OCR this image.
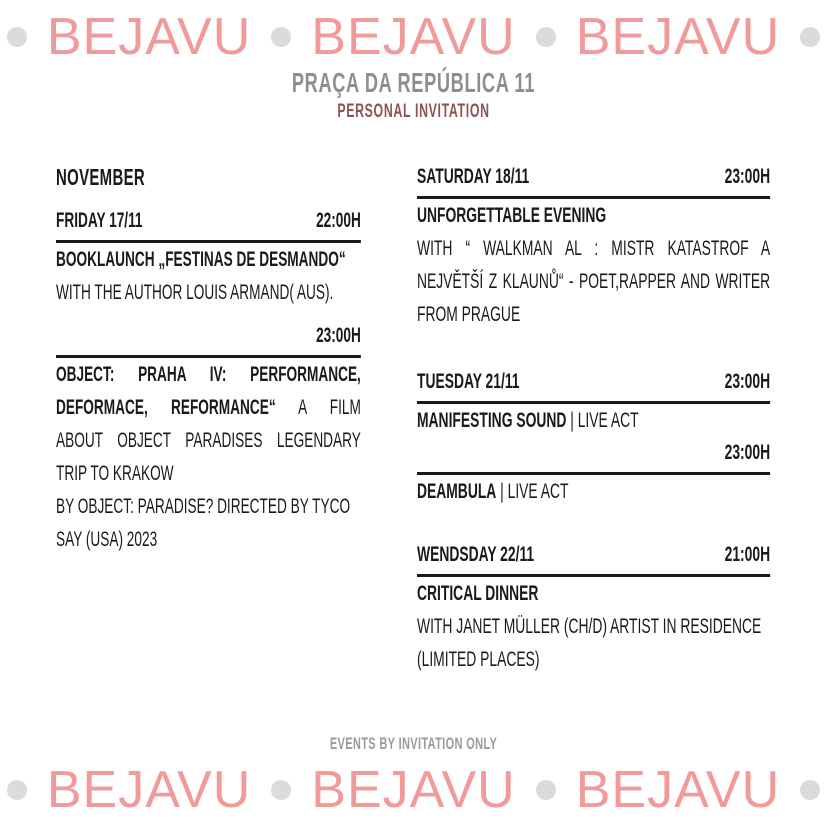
BEJAVU BEJAVU BEJAVU
PRAÇA DA REPÚBLICA 11
PERSONAL INVITATION
NOVEMBER
FRIDAY 17/11	22:00H
BOOKLAUNCH „FESTINAS DE DESMANDO“
WITH THE AUTHOR LOUIS ARMAND( AUS).
23:00H
OBJECT: PRAHA IV: PERFORMANCE,
DEFORMACE, REFORMANCE“ A FILM
ABOUT OBJECT PARADISES LEGENDARY
TRIP TO KRAKOW
BY OBJECT: PARADISE? DIRECTED BY TYCO
SAY (USA) 2023
SATURDAY 18/11	23:00H
UNFORGETTABLE EVENING
WITH “ WALKMAN AL : MISTR KATASTROF A
NEJVĚTŠÍ Z KLAUNŮ“ - POET,RAPPER AND WRITER
FROM PRAGUE
TUESDAY 21/11	23:00H
MANIFESTING SOUND | LIVE ACT
23:00H
DEAMBULA | LIVE ACT
WENDSDAY 22/11	21:00H
CRITICAL DINNER
WITH JANET MÜLLER (CH/D) ARTIST IN RESIDENCE
(LIMITED PLACES)
EVENTS BY INVITATION ONLY
BEJAVU BEJAVU BEJAVU
